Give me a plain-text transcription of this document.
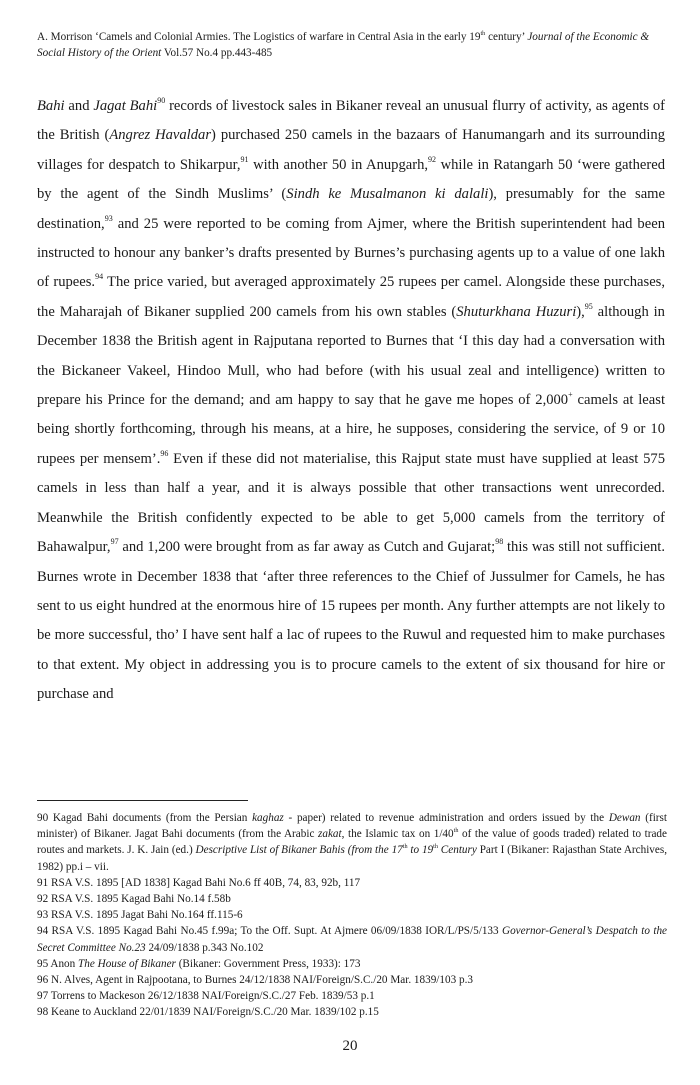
A. Morrison ‘Camels and Colonial Armies. The Logistics of warfare in Central Asia in the early 19th century’ Journal of the Economic & Social History of the Orient Vol.57 No.4 pp.443-485

Bahi and Jagat Bahi$^{90}$ records of livestock sales in Bikaner reveal an unusual flurry of activity, as agents of the British (Angrez Havaldar) purchased 250 camels in the bazaars of Hanumangarh and its surrounding villages for despatch to Shikarpur,$^{91}$ with another 50 in Anupgarh,$^{92}$ while in Ratangarh 50 ‘were gathered by the agent of the Sindh Muslims’ (Sindh ke Musalmanon ki dalali), presumably for the same destination,$^{93}$ and 25 were reported to be coming from Ajmer, where the British superintendent had been instructed to honour any banker’s drafts presented by Burnes’s purchasing agents up to a value of one lakh of rupees.$^{94}$ The price varied, but averaged approximately 25 rupees per camel. Alongside these purchases, the Maharajah of Bikaner supplied 200 camels from his own stables (Shuturkhana Huzuri),$^{95}$ although in December 1838 the British agent in Rajputana reported to Burnes that ‘I this day had a conversation with the Bickaneer Vakeel, Hindoo Mull, who had before (with his usual zeal and intelligence) written to prepare his Prince for the demand; and am happy to say that he gave me hopes of 2,000+ camels at least being shortly forthcoming, through his means, at a hire, he supposes, considering the service, of 9 or 10 rupees per mensem’.$^{96}$ Even if these did not materialise, this Rajput state must have supplied at least 575 camels in less than half a year, and it is always possible that other transactions went unrecorded. Meanwhile the British confidently expected to be able to get 5,000 camels from the territory of Bahawalpur,$^{97}$ and 1,200 were brought from as far away as Cutch and Gujarat;$^{98}$ this was still not sufficient. Burnes wrote in December 1838 that ‘after three references to the Chief of Jussulmer for Camels, he has sent to us eight hundred at the enormous hire of 15 rupees per month. Any further attempts are not likely to be more successful, tho’ I have sent half a lac of rupees to the Ruwul and requested him to make purchases to that extent. My object in addressing you is to procure camels to the extent of six thousand for hire or purchase and

90 Kagad Bahi documents (from the Persian kaghaz - paper) related to revenue administration and orders issued by the Dewan (first minister) of Bikaner. Jagat Bahi documents (from the Arabic zakat, the Islamic tax on 1/40th of the value of goods traded) related to trade routes and markets. J. K. Jain (ed.) Descriptive List of Bikaner Bahis (from the 17th to 19th Century Part I (Bikaner: Rajasthan State Archives, 1982) pp.i – vii.

91 RSA V.S. 1895 [AD 1838] Kagad Bahi No.6 ff 40B, 74, 83, 92b, 117

92 RSA V.S. 1895 Kagad Bahi No.14 f.58b

93 RSA V.S. 1895 Jagat Bahi No.164 ff.115-6

94 RSA V.S. 1895 Kagad Bahi No.45 f.99a; To the Off. Supt. At Ajmere 06/09/1838 IOR/L/PS/5/133 Governor-General’s Despatch to the Secret Committee No.23 24/09/1838 p.343 No.102

95 Anon The House of Bikaner (Bikaner: Government Press, 1933): 173

96 N. Alves, Agent in Rajpootana, to Burnes 24/12/1838 NAI/Foreign/S.C./20 Mar. 1839/103 p.3

97 Torrens to Mackeson 26/12/1838 NAI/Foreign/S.C./27 Feb. 1839/53 p.1

98 Keane to Auckland 22/01/1839 NAI/Foreign/S.C./20 Mar. 1839/102 p.15

20
